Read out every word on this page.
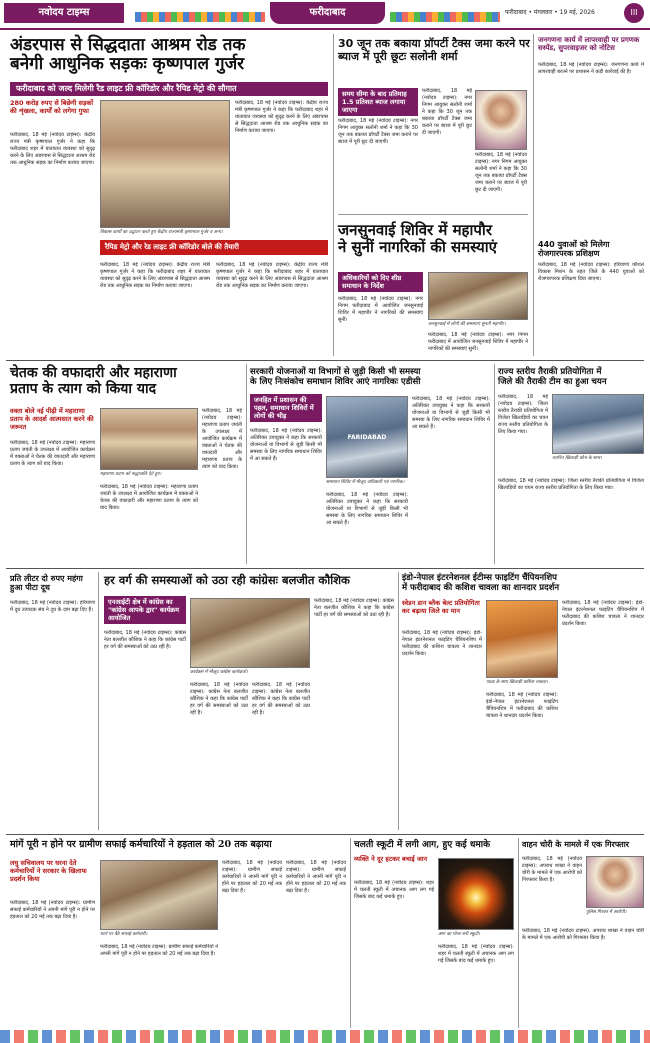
नवोदय टाइम्स	फरीदाबाद	फरीदाबाद • मंगलवार • 19 मई, 2026	III
अंडरपास से सिद्धदाता आश्रम रोड तक
बनेगी आधुनिक सड़कः कृष्णपाल गुर्जर
फरीदाबाद को जल्द मिलेगी रैड लाइट फ्री कॉरिडोर और रैपिड मेट्रो की सौगात
280 करोड़ रुपए से बिछेगी सड़कों की शृंखला, कार्यों को लगेगा गुफा
फरीदाबाद, 18 मई (नवोदय टाइम्स): केंद्रीय राज्य मंत्री कृष्णपाल गुर्जर ने कहा कि फरीदाबाद शहर में यातायात व्यवस्था को सुदृढ़ करने के लिए अंडरपास से सिद्धदाता आश्रम रोड तक आधुनिक सड़क का निर्माण कराया जाएगा।
विकास कार्यों का उद्घाटन करते हुए केंद्रीय राज्यमंत्री कृष्णपाल गुर्जर व अन्य।
फरीदाबाद, 18 मई (नवोदय टाइम्स): केंद्रीय राज्य मंत्री कृष्णपाल गुर्जर ने कहा कि फरीदाबाद शहर में यातायात व्यवस्था को सुदृढ़ करने के लिए अंडरपास से सिद्धदाता आश्रम रोड तक आधुनिक सड़क का निर्माण कराया जाएगा।
रैपिड मेट्रो और रेड लाइट फ्री कॉरिडोर बोले की तैयारी
फरीदाबाद, 18 मई (नवोदय टाइम्स): केंद्रीय राज्य मंत्री कृष्णपाल गुर्जर ने कहा कि फरीदाबाद शहर में यातायात व्यवस्था को सुदृढ़ करने के लिए अंडरपास से सिद्धदाता आश्रम रोड तक आधुनिक सड़क का निर्माण कराया जाएगा।
फरीदाबाद, 18 मई (नवोदय टाइम्स): केंद्रीय राज्य मंत्री कृष्णपाल गुर्जर ने कहा कि फरीदाबाद शहर में यातायात व्यवस्था को सुदृढ़ करने के लिए अंडरपास से सिद्धदाता आश्रम रोड तक आधुनिक सड़क का निर्माण कराया जाएगा।
30 जून तक बकाया प्रॉपर्टी टैक्स जमा करने पर ब्याज में पूरी छूटः सलोनी शर्मा
समय सीमा के बाद प्रतिमाह 1.5 प्रतिशत ब्याज लगाया जाएगा
फरीदाबाद, 18 मई (नवोदय टाइम्स): नगर निगम आयुक्त सलोनी शर्मा ने कहा कि 30 जून तक बकाया प्रॉपर्टी टैक्स जमा कराने पर ब्याज में पूरी छूट दी जाएगी।
फरीदाबाद, 18 मई (नवोदय टाइम्स): नगर निगम आयुक्त सलोनी शर्मा ने कहा कि 30 जून तक बकाया प्रॉपर्टी टैक्स जमा कराने पर ब्याज में पूरी छूट दी जाएगी।
फरीदाबाद, 18 मई (नवोदय टाइम्स): नगर निगम आयुक्त सलोनी शर्मा ने कहा कि 30 जून तक बकाया प्रॉपर्टी टैक्स जमा कराने पर ब्याज में पूरी छूट दी जाएगी।
जनसुनवाई शिविर में महापौर
ने सुनीं नागरिकों की समस्याएं
अधिकारियों को दिए शीघ्र समाधान के निर्देश
फरीदाबाद, 18 मई (नवोदय टाइम्स): नगर निगम फरीदाबाद में आयोजित जनसुनवाई शिविर में महापौर ने नागरिकों की समस्याएं सुनीं।
जनसुनवाई में लोगों की समस्याएं सुनती महापौर।
फरीदाबाद, 18 मई (नवोदय टाइम्स): नगर निगम फरीदाबाद में आयोजित जनसुनवाई शिविर में महापौर ने नागरिकों की समस्याएं सुनीं।
जनगणना कार्य में लापरवाही पर प्रगणक सस्पेंड, सुपरवाइजर को नोटिस
फरीदाबाद, 18 मई (नवोदय टाइम्स): जनगणना कार्य में लापरवाही बरतने पर प्रशासन ने कड़ी कार्रवाई की है।
440 युवाओं को मिलेगा रोजगारपरक प्रशिक्षण
फरीदाबाद, 18 मई (नवोदय टाइम्स): हरियाणा कौशल विकास मिशन के तहत जिले के 440 युवाओं को रोजगारपरक प्रशिक्षण दिया जाएगा।
चेतक की वफादारी और महाराणा
प्रताप के त्याग को किया याद
वक्ता बोले नई पीढ़ी में महाराणा प्रताप के आदर्श आत्मसात करने की जरूरत
फरीदाबाद, 18 मई (नवोदय टाइम्स): महाराणा प्रताप जयंती के उपलक्ष्य में आयोजित कार्यक्रम में वक्ताओं ने चेतक की वफादारी और महाराणा प्रताप के त्याग को याद किया।
महाराणा प्रताप को श्रद्धांजलि देते हुए।
फरीदाबाद, 18 मई (नवोदय टाइम्स): महाराणा प्रताप जयंती के उपलक्ष्य में आयोजित कार्यक्रम में वक्ताओं ने चेतक की वफादारी और महाराणा प्रताप के त्याग को याद किया।
फरीदाबाद, 18 मई (नवोदय टाइम्स): महाराणा प्रताप जयंती के उपलक्ष्य में आयोजित कार्यक्रम में वक्ताओं ने चेतक की वफादारी और महाराणा प्रताप के त्याग को याद किया।
सरकारी योजनाओं या विभागों से जुड़ी किसी भी समस्या
के लिए निःसंकोच समाधान शिविर आएं नागरिकः एडीसी
जनहित में प्रशासन की पहल, समाधान शिविरों में लोगों की भीड़
फरीदाबाद, 18 मई (नवोदय टाइम्स): अतिरिक्त उपायुक्त ने कहा कि सरकारी योजनाओं या विभागों से जुड़ी किसी भी समस्या के लिए नागरिक समाधान शिविर में आ सकते हैं।
FARIDABAD
समाधान शिविर में मौजूद अधिकारी एवं नागरिक।
फरीदाबाद, 18 मई (नवोदय टाइम्स): अतिरिक्त उपायुक्त ने कहा कि सरकारी योजनाओं या विभागों से जुड़ी किसी भी समस्या के लिए नागरिक समाधान शिविर में आ सकते हैं।
फरीदाबाद, 18 मई (नवोदय टाइम्स): अतिरिक्त उपायुक्त ने कहा कि सरकारी योजनाओं या विभागों से जुड़ी किसी भी समस्या के लिए नागरिक समाधान शिविर में आ सकते हैं।
राज्य स्तरीय तैराकी प्रतियोगिता में
जिले की तैराकी टीम का हुआ चयन
फरीदाबाद, 18 मई (नवोदय टाइम्स): जिला स्तरीय तैराकी प्रतियोगिता में विजेता खिलाड़ियों का चयन राज्य स्तरीय प्रतियोगिता के लिए किया गया।
चयनित खिलाड़ी कोच के साथ।
फरीदाबाद, 18 मई (नवोदय टाइम्स): जिला स्तरीय तैराकी प्रतियोगिता में विजेता खिलाड़ियों का चयन राज्य स्तरीय प्रतियोगिता के लिए किया गया।
प्रति लीटर दो रुपए महंगा हुआ पीटा दूध
फरीदाबाद, 18 मई (नवोदय टाइम्स): हरियाणा में दूध उत्पादक संघ ने दूध के दाम बढ़ा दिए हैं।
हर वर्ग की समस्याओं को उठा रही कांग्रेसः बलजीत कौशिक
एनआईटी क्षेत्र में कांग्रेस का "कांग्रेस आपके द्वार" कार्यक्रम आयोजित
फरीदाबाद, 18 मई (नवोदय टाइम्स): कांग्रेस नेता बलजीत कौशिक ने कहा कि कांग्रेस पार्टी हर वर्ग की समस्याओं को उठा रही है।
कार्यक्रम में मौजूद कांग्रेस कार्यकर्ता।
फरीदाबाद, 18 मई (नवोदय टाइम्स): कांग्रेस नेता बलजीत कौशिक ने कहा कि कांग्रेस पार्टी हर वर्ग की समस्याओं को उठा रही है।
फरीदाबाद, 18 मई (नवोदय टाइम्स): कांग्रेस नेता बलजीत कौशिक ने कहा कि कांग्रेस पार्टी हर वर्ग की समस्याओं को उठा रही है।
फरीदाबाद, 18 मई (नवोदय टाइम्स): कांग्रेस नेता बलजीत कौशिक ने कहा कि कांग्रेस पार्टी हर वर्ग की समस्याओं को उठा रही है।
इंडो-नेपाल इंटरनेशनल ईटीम्स फाइटिंग चैंपियनशिप
में फरीदाबाद की कशिश चावला का शानदार प्रदर्शन
स्वेडन डान ब्लैक बेल्ट प्रतियोगिता कर बढ़ाया जिले का मान
फरीदाबाद, 18 मई (नवोदय टाइम्स): इंडो-नेपाल इंटरनेशनल फाइटिंग चैंपियनशिप में फरीदाबाद की कशिश चावला ने शानदार प्रदर्शन किया।
पदक के साथ खिलाड़ी कशिश चावला।
फरीदाबाद, 18 मई (नवोदय टाइम्स): इंडो-नेपाल इंटरनेशनल फाइटिंग चैंपियनशिप में फरीदाबाद की कशिश चावला ने शानदार प्रदर्शन किया।
फरीदाबाद, 18 मई (नवोदय टाइम्स): इंडो-नेपाल इंटरनेशनल फाइटिंग चैंपियनशिप में फरीदाबाद की कशिश चावला ने शानदार प्रदर्शन किया।
मांगें पूरी न होने पर ग्रामीण सफाई कर्मचारियों ने हड़ताल को 20 तक बढ़ाया
लघु सचिवालय पर धरना देते कर्मचारियों ने सरकार के खिलाफ प्रदर्शन किया
फरीदाबाद, 18 मई (नवोदय टाइम्स): ग्रामीण सफाई कर्मचारियों ने अपनी मांगें पूरी न होने पर हड़ताल को 20 मई तक बढ़ा दिया है।
धरने पर बैठे सफाई कर्मचारी।
फरीदाबाद, 18 मई (नवोदय टाइम्स): ग्रामीण सफाई कर्मचारियों ने अपनी मांगें पूरी न होने पर हड़ताल को 20 मई तक बढ़ा दिया है।
फरीदाबाद, 18 मई (नवोदय टाइम्स): ग्रामीण सफाई कर्मचारियों ने अपनी मांगें पूरी न होने पर हड़ताल को 20 मई तक बढ़ा दिया है।
फरीदाबाद, 18 मई (नवोदय टाइम्स): ग्रामीण सफाई कर्मचारियों ने अपनी मांगें पूरी न होने पर हड़ताल को 20 मई तक बढ़ा दिया है।
चलती स्कूटी में लगी आग, हुए कई धमाके
व्यक्ति ने दूर हटकर बचाई जान
फरीदाबाद, 18 मई (नवोदय टाइम्स): शहर में चलती स्कूटी में अचानक आग लग गई जिसके बाद कई धमाके हुए।
आग का गोला बनी स्कूटी।
फरीदाबाद, 18 मई (नवोदय टाइम्स): शहर में चलती स्कूटी में अचानक आग लग गई जिसके बाद कई धमाके हुए।
वाहन चोरी के मामले में एक गिरफ्तार
फरीदाबाद, 18 मई (नवोदय टाइम्स): अपराध शाखा ने वाहन चोरी के मामले में एक आरोपी को गिरफ्तार किया है।
पुलिस गिरफ्त में आरोपी।
फरीदाबाद, 18 मई (नवोदय टाइम्स): अपराध शाखा ने वाहन चोरी के मामले में एक आरोपी को गिरफ्तार किया है।
